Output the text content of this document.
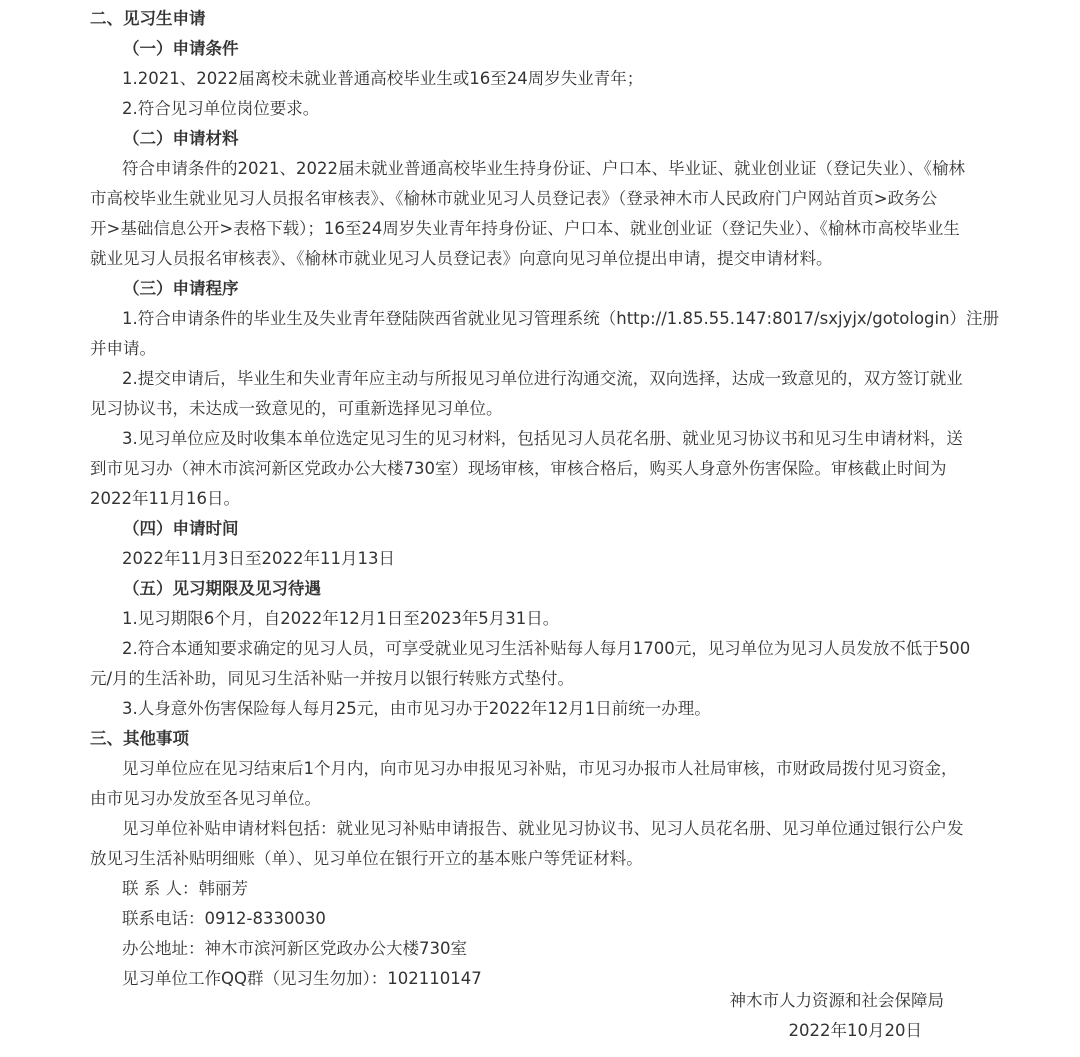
二、见习生申请

（一）申请条件

1.2021、2022届离校未就业普通高校毕业生或16至24周岁失业青年；

2.符合见习单位岗位要求。

（二）申请材料

符合申请条件的2021、2022届未就业普通高校毕业生持身份证、户口本、毕业证、就业创业证（登记失业）、《榆林

市高校毕业生就业见习人员报名审核表》、《榆林市就业见习人员登记表》（登录神木市人民政府门户网站首页>政务公

开>基础信息公开>表格下载）；16至24周岁失业青年持身份证、户口本、就业创业证（登记失业）、《榆林市高校毕业生

就业见习人员报名审核表》、《榆林市就业见习人员登记表》向意向见习单位提出申请，提交申请材料。

（三）申请程序

1.符合申请条件的毕业生及失业青年登陆陕西省就业见习管理系统（http://1.85.55.147:8017/sxjyjx/gotologin）注册

并申请。

2.提交申请后，毕业生和失业青年应主动与所报见习单位进行沟通交流，双向选择，达成一致意见的，双方签订就业

见习协议书，未达成一致意见的，可重新选择见习单位。

3.见习单位应及时收集本单位选定见习生的见习材料，包括见习人员花名册、就业见习协议书和见习生申请材料，送

到市见习办（神木市滨河新区党政办公大楼730室）现场审核，审核合格后，购买人身意外伤害保险。审核截止时间为

2022年11月16日。

（四）申请时间

2022年11月3日至2022年11月13日

（五）见习期限及见习待遇

1.见习期限6个月，自2022年12月1日至2023年5月31日。

2.符合本通知要求确定的见习人员，可享受就业见习生活补贴每人每月1700元，见习单位为见习人员发放不低于500

元/月的生活补助，同见习生活补贴一并按月以银行转账方式垫付。

3.人身意外伤害保险每人每月25元，由市见习办于2022年12月1日前统一办理。

三、其他事项

见习单位应在见习结束后1个月内，向市见习办申报见习补贴，市见习办报市人社局审核，市财政局拨付见习资金，

由市见习办发放至各见习单位。

见习单位补贴申请材料包括：就业见习补贴申请报告、就业见习协议书、见习人员花名册、见习单位通过银行公户发

放见习生活补贴明细账（单）、见习单位在银行开立的基本账户等凭证材料。

联 系 人：韩丽芳

联系电话：0912-8330030

办公地址：神木市滨河新区党政办公大楼730室

见习单位工作QQ群（见习生勿加）：102110147

神木市人力资源和社会保障局
2022年10月20日
